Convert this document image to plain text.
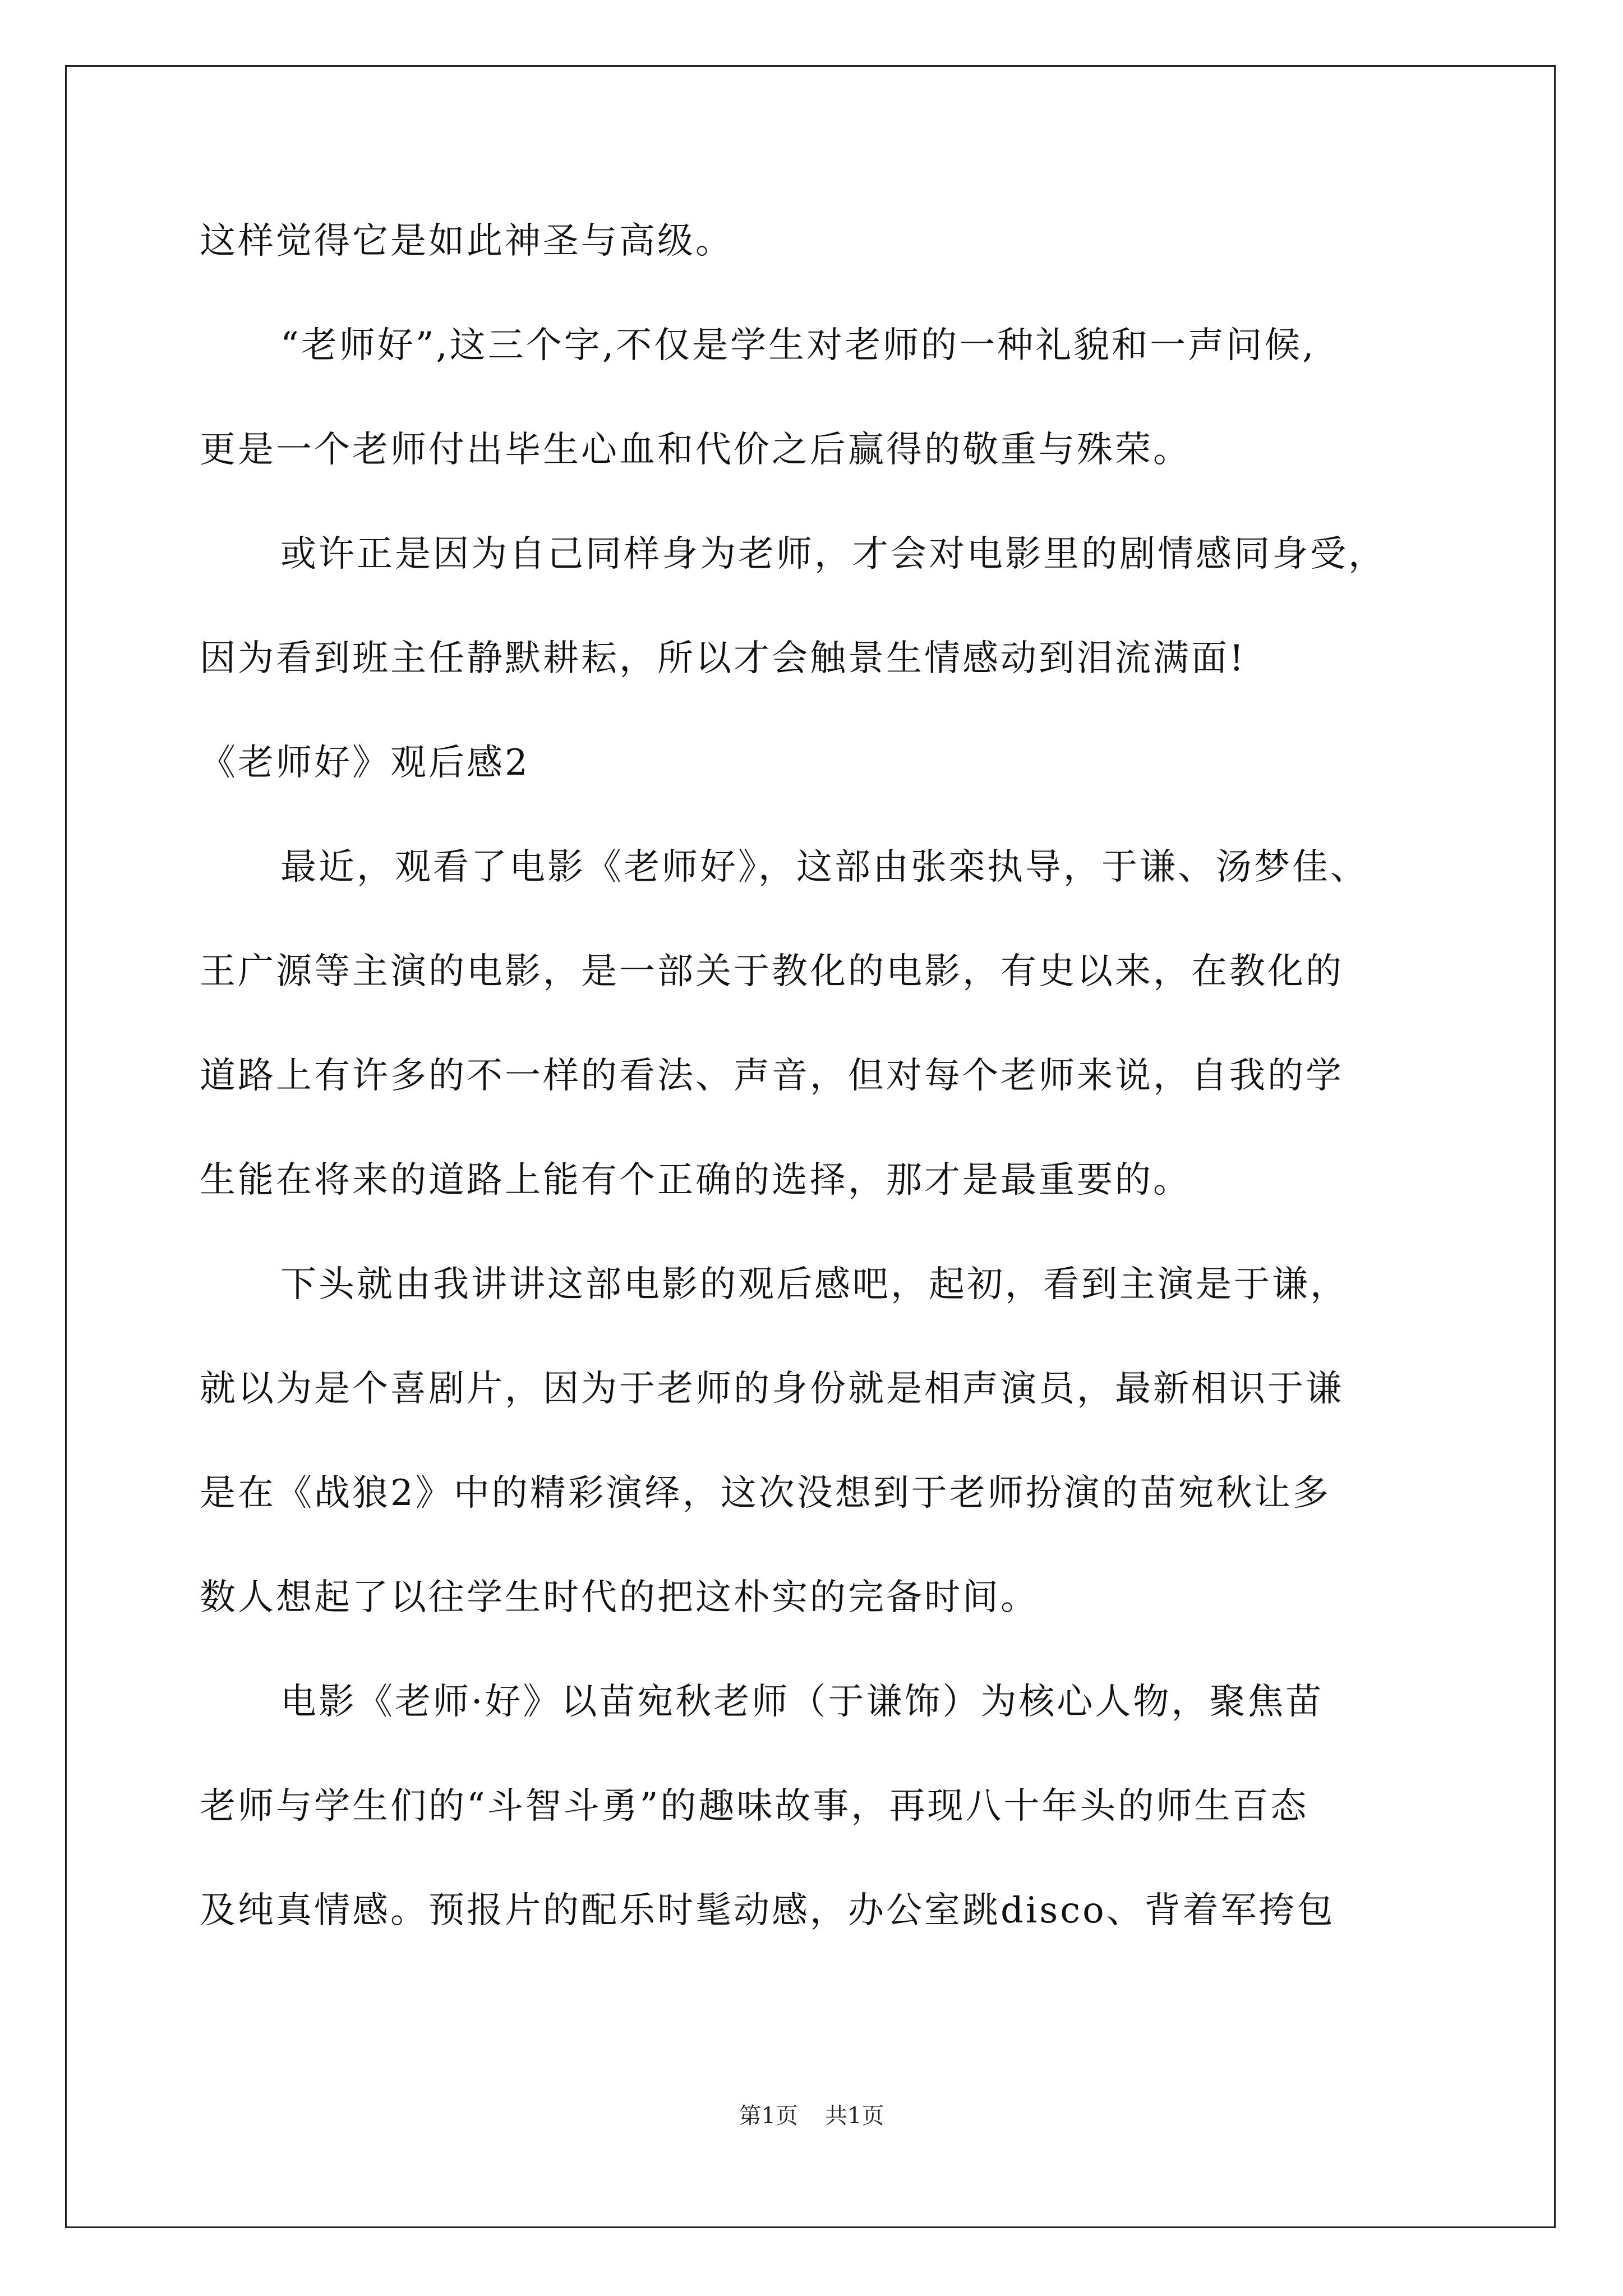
这样觉得它是如此神圣与高级。
“老师好”,这三个字,不仅是学生对老师的一种礼貌和一声问候,
更是一个老师付出毕生心血和代价之后赢得的敬重与殊荣。
或许正是因为自己同样身为老师，才会对电影里的剧情感同身受，
因为看到班主任静默耕耘，所以才会触景生情感动到泪流满面!
《老师好》观后感2
最近，观看了电影《老师好》，这部由张栾执导，于谦、汤梦佳、
王广源等主演的电影，是一部关于教化的电影，有史以来，在教化的
道路上有许多的不一样的看法、声音，但对每个老师来说，自我的学
生能在将来的道路上能有个正确的选择，那才是最重要的。
下头就由我讲讲这部电影的观后感吧，起初，看到主演是于谦，
就以为是个喜剧片，因为于老师的身份就是相声演员，最新相识于谦
是在《战狼2》中的精彩演绎，这次没想到于老师扮演的苗宛秋让多
数人想起了以往学生时代的把这朴实的完备时间。
电影《老师·好》以苗宛秋老师（于谦饰）为核心人物，聚焦苗
老师与学生们的“斗智斗勇”的趣味故事，再现八十年头的师生百态
及纯真情感。预报片的配乐时髦动感，办公室跳disco、背着军挎包
第1页 共1页
